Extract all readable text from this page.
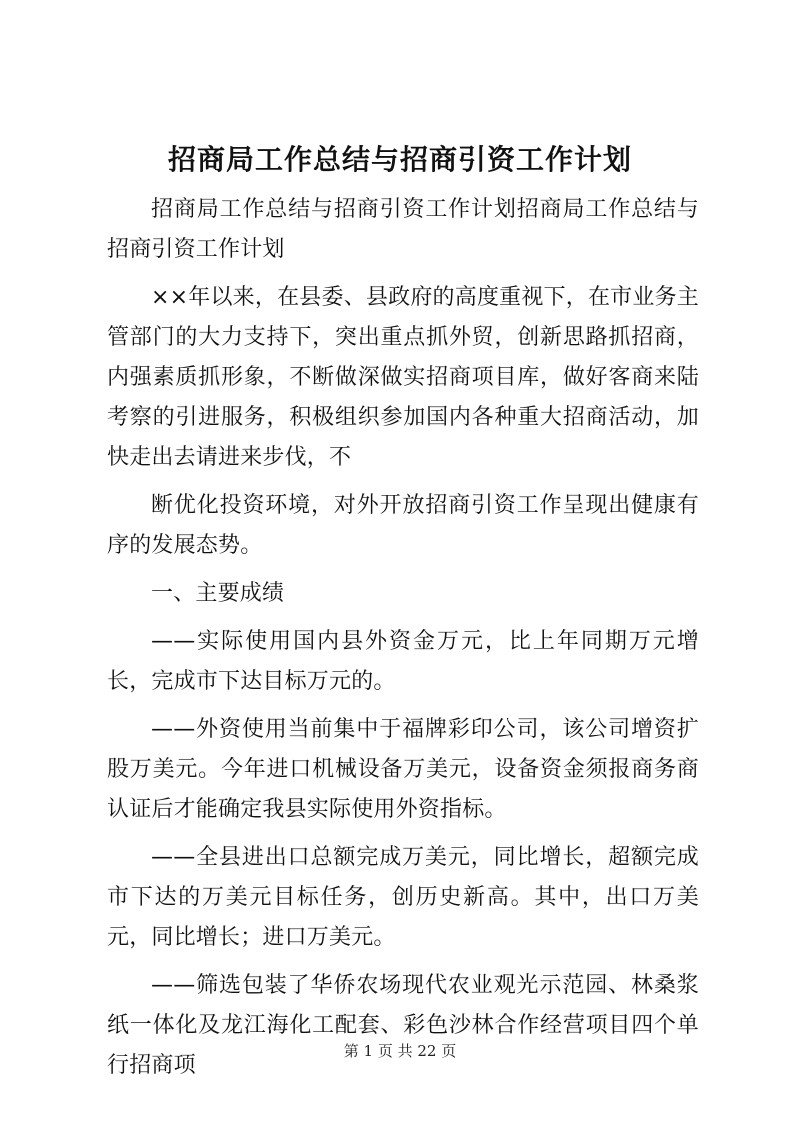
招商局工作总结与招商引资工作计划

招商局工作总结与招商引资工作计划招商局工作总结与招商引资工作计划

××年以来，在县委、县政府的高度重视下，在市业务主管部门的大力支持下，突出重点抓外贸，创新思路抓招商，内强素质抓形象，不断做深做实招商项目库，做好客商来陆考察的引进服务，积极组织参加国内各种重大招商活动，加快走出去请进来步伐，不

断优化投资环境，对外开放招商引资工作呈现出健康有序的发展态势。

一、主要成绩

——实际使用国内县外资金万元，比上年同期万元增长，完成市下达目标万元的。

——外资使用当前集中于福牌彩印公司，该公司增资扩股万美元。今年进口机械设备万美元，设备资金须报商务商认证后才能确定我县实际使用外资指标。

——全县进出口总额完成万美元，同比增长，超额完成市下达的万美元目标任务，创历史新高。其中，出口万美元，同比增长；进口万美元。

——筛选包装了华侨农场现代农业观光示范园、林桑浆纸一体化及龙江海化工配套、彩色沙林合作经营项目四个单行招商项

第 1 页 共 22 页
